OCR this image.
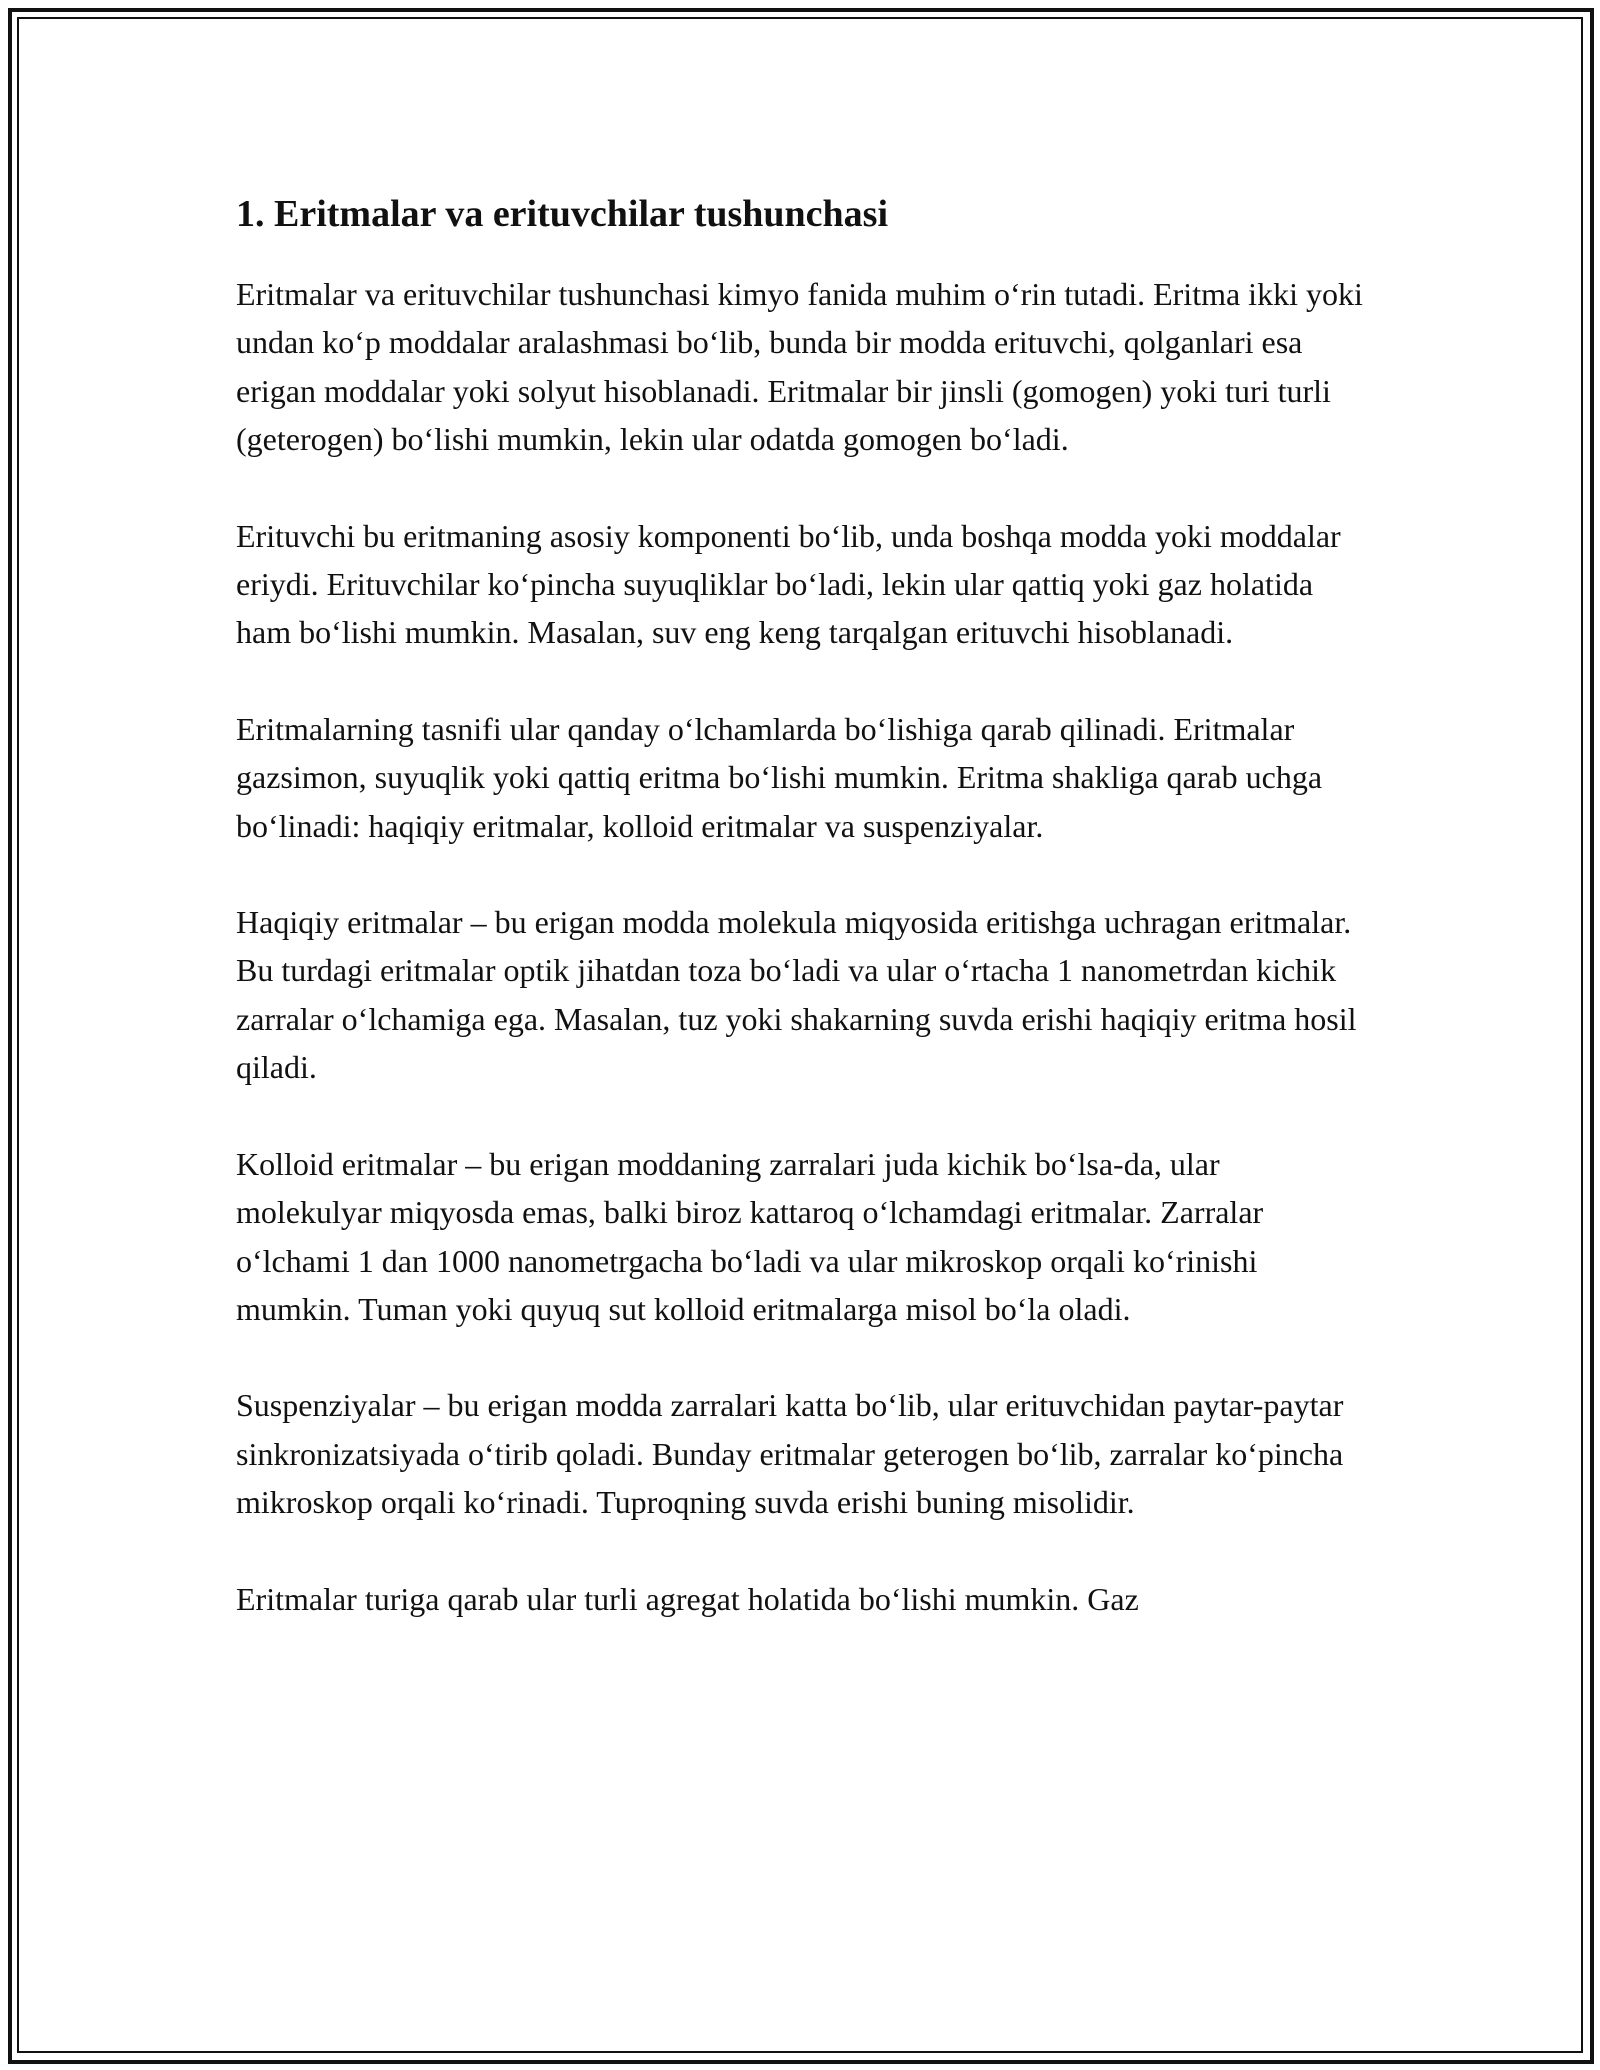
1. Eritmalar va erituvchilar tushunchasi

Eritmalar va erituvchilar tushunchasi kimyo fanida muhim o‘rin tutadi. Eritma ikki yoki undan ko‘p moddalar aralashmasi bo‘lib, bunda bir modda erituvchi, qolganlari esa erigan moddalar yoki solyut hisoblanadi. Eritmalar bir jinsli (gomogen) yoki turi turli (geterogen) bo‘lishi mumkin, lekin ular odatda gomogen bo‘ladi.

Erituvchi bu eritmaning asosiy komponenti bo‘lib, unda boshqa modda yoki moddalar eriydi. Erituvchilar ko‘pincha suyuqliklar bo‘ladi, lekin ular qattiq yoki gaz holatida ham bo‘lishi mumkin. Masalan, suv eng keng tarqalgan erituvchi hisoblanadi.

Eritmalarning tasnifi ular qanday o‘lchamlarda bo‘lishiga qarab qilinadi. Eritmalar gazsimon, suyuqlik yoki qattiq eritma bo‘lishi mumkin. Eritma shakliga qarab uchga bo‘linadi: haqiqiy eritmalar, kolloid eritmalar va suspenziyalar.

Haqiqiy eritmalar – bu erigan modda molekula miqyosida eritishga uchragan eritmalar. Bu turdagi eritmalar optik jihatdan toza bo‘ladi va ular o‘rtacha 1 nanometrdan kichik zarralar o‘lchamiga ega. Masalan, tuz yoki shakarning suvda erishi haqiqiy eritma hosil qiladi.

Kolloid eritmalar – bu erigan moddaning zarralari juda kichik bo‘lsa-da, ular molekulyar miqyosda emas, balki biroz kattaroq o‘lchamdagi eritmalar. Zarralar o‘lchami 1 dan 1000 nanometrgacha bo‘ladi va ular mikroskop orqali ko‘rinishi mumkin. Tuman yoki quyuq sut kolloid eritmalarga misol bo‘la oladi.

Suspenziyalar – bu erigan modda zarralari katta bo‘lib, ular erituvchidan paytar-paytar sinkronizatsiyada o‘tirib qoladi. Bunday eritmalar geterogen bo‘lib, zarralar ko‘pincha mikroskop orqali ko‘rinadi. Tuproqning suvda erishi buning misolidir.

Eritmalar turiga qarab ular turli agregat holatida bo‘lishi mumkin. Gaz
